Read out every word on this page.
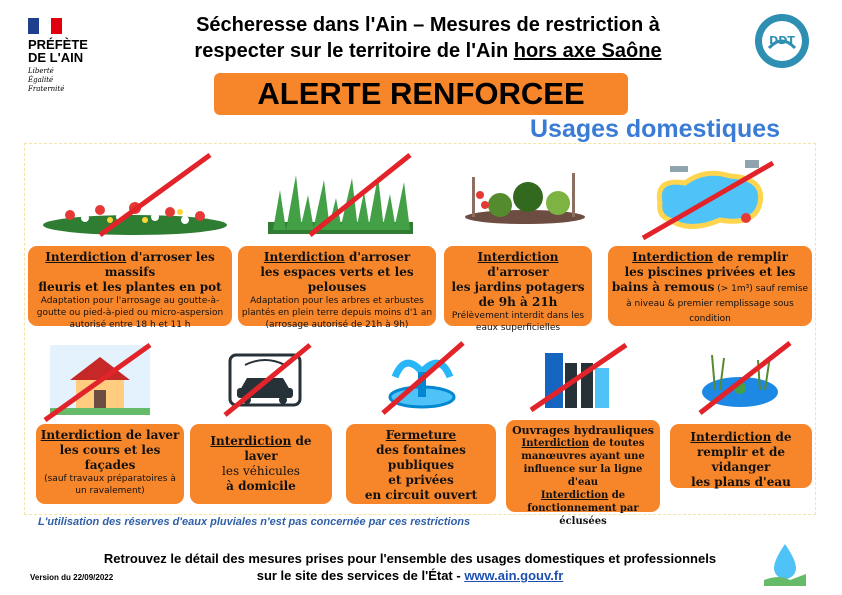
PRÉFÈTE
DE L'AIN
Liberté
Égalité
Fraternité
Sécheresse dans l'Ain – Mesures de restriction à
respecter sur le territoire de l'Ain hors axe Saône	DDT
ALERTE RENFORCEE
Usages domestiques
Interdiction d'arroser les massifs
fleuris et les plantes en pot
Adaptation pour l'arrosage au goutte-à-goutte ou pied-à-pied ou micro-aspersion autorisé entre 18 h et 11 h
Interdiction d'arroser
les espaces verts et les pelouses
Adaptation pour les arbres et arbustes plantés en plein terre depuis moins d'1 an (arrosage autorisé de 21h à 9h)
Interdiction d'arroser
les jardins potagers
de 9h à 21h
Prélèvement interdit dans les eaux superficielles
Interdiction de remplir
les piscines privées et les
bains à remous (> 1m³) sauf remise à niveau & premier remplissage sous condition
Interdiction de laver
les cours et les façades
(sauf travaux préparatoires à un ravalement)
Interdiction de laver
les véhicules
à domicile
Fermeture
des fontaines publiques
et privées
en circuit ouvert
Ouvrages hydrauliques
Interdiction de toutes manœuvres ayant une influence sur la ligne d'eau
Interdiction de fonctionnement par éclusées
Interdiction de
remplir et de vidanger
les plans d'eau
L'utilisation des réserves d'eaux pluviales n'est pas concernée par ces restrictions
Retrouvez le détail des mesures prises pour l'ensemble des usages domestiques et professionnels
sur le site des services de l'État - www.ain.gouv.fr
Version du 22/09/2022
